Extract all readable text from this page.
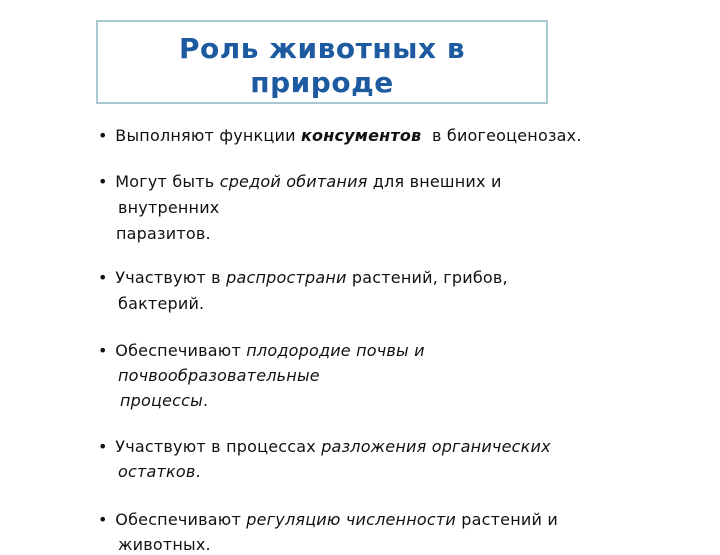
Роль животных в
природе
• Выполняют функции консументов  в биогеоценозах.
• Могут быть средой обитания для внешних и
внутренних
паразитов.
• Участвуют в распространи растений, грибов,
бактерий.
• Обеспечивают плодородие почвы и
почвообразовательные
процессы.
• Участвуют в процессах разложения органических
остатков.
• Обеспечивают регуляцию численности растений и
животных.
